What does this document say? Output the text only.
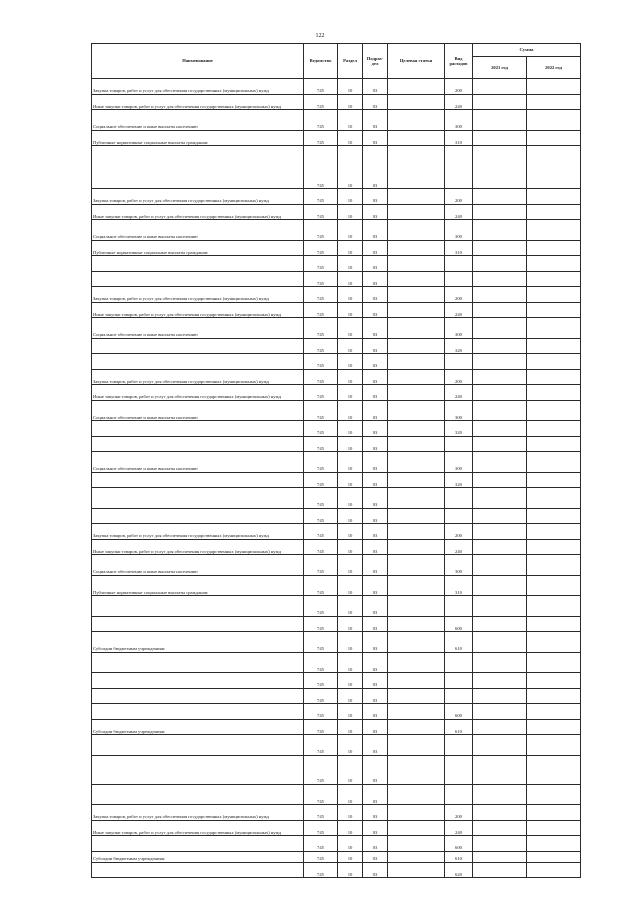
122
Наименование	Ведомство	Раздел	Подраз-дел	Целевая статья	Вид расходов	Сумма	
						2021 год	2022 год
Закупка товаров, работ и услуг для обеспечения государственных (муниципальных) нужд	745	10	03		200		
Иные закупки товаров, работ и услуг для обеспечения государственных (муниципальных) нужд	745	10	03		240		
Социальное обеспечение и иные выплаты населению	745	10	03		300		
Публичные нормативные социальные выплаты гражданам	745	10	03		310		
	745	10	03				
Закупка товаров, работ и услуг для обеспечения государственных (муниципальных) нужд	745	10	03		200		
Иные закупки товаров, работ и услуг для обеспечения государственных (муниципальных) нужд	745	10	03		240		
Социальное обеспечение и иные выплаты населению	745	10	03		300		
Публичные нормативные социальные выплаты гражданам	745	10	03		310		
	745	10	03				
	745	10	03				
Закупка товаров, работ и услуг для обеспечения государственных (муниципальных) нужд	745	10	03		200		
Иные закупки товаров, работ и услуг для обеспечения государственных (муниципальных) нужд	745	10	03		240		
Социальное обеспечение и иные выплаты населению	745	10	03		300		
	745	10	03		320		
	745	10	03				
Закупка товаров, работ и услуг для обеспечения государственных (муниципальных) нужд	745	10	03		200		
Иные закупки товаров, работ и услуг для обеспечения государственных (муниципальных) нужд	745	10	03		240		
Социальное обеспечение и иные выплаты населению	745	10	03		300		
	745	10	03		320		
	745	10	03				
Социальное обеспечение и иные выплаты населению	745	10	03		300		
	745	10	03		320		
	745	10	03				
	745	10	03				
Закупка товаров, работ и услуг для обеспечения государственных (муниципальных) нужд	745	10	03		200		
Иные закупки товаров, работ и услуг для обеспечения государственных (муниципальных) нужд	745	10	03		240		
Социальное обеспечение и иные выплаты населению	745	10	03		300		
Публичные нормативные социальные выплаты гражданам	745	10	03		310		
	745	10	03				
	745	10	03		600		
Субсидии бюджетным учреждениям	745	10	03		610		
	745	10	03				
	745	10	03				
	745	10	03				
	745	10	03		600		
Субсидии бюджетным учреждениям	745	10	03		610		
	745	10	03				
	745	10	03				
	745	10	03				
Закупка товаров, работ и услуг для обеспечения государственных (муниципальных) нужд	745	10	03		200		
Иные закупки товаров, работ и услуг для обеспечения государственных (муниципальных) нужд	745	10	03		240		
	745	10	03		600		
Субсидии бюджетным учреждениям	745	10	03		610		
	745	10	03		620		
